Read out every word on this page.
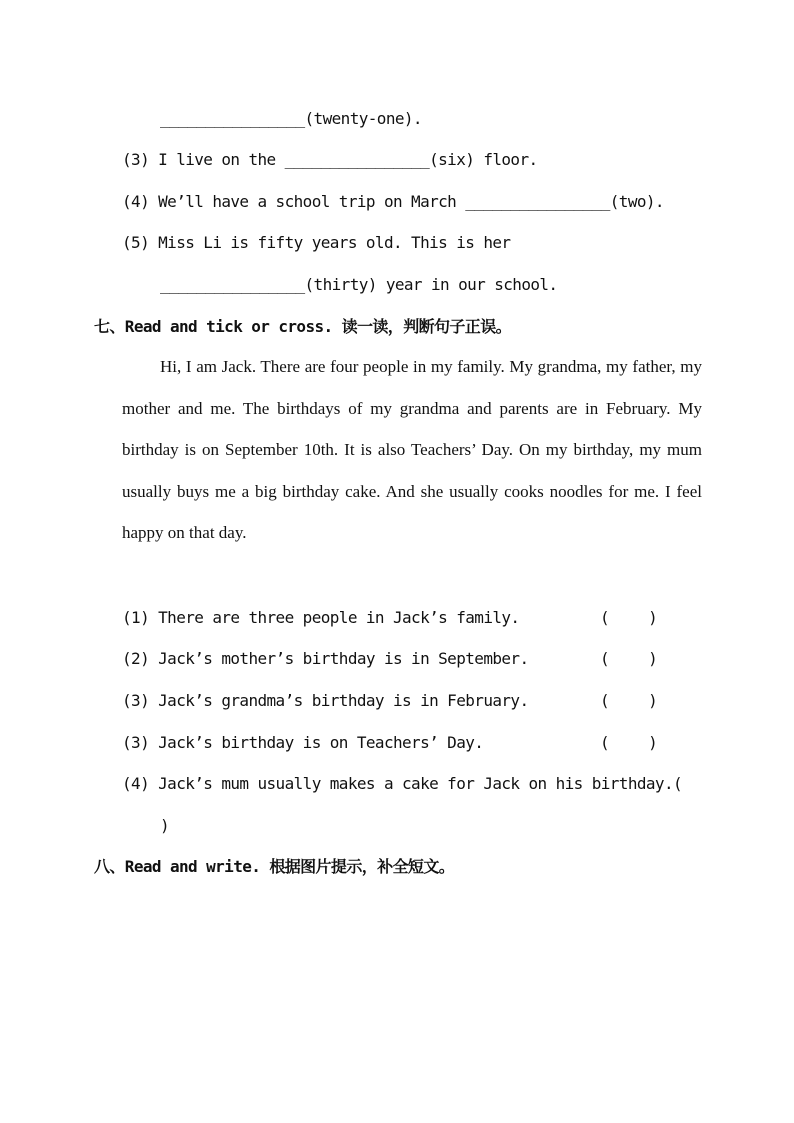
________________(twenty-one).
(3) I live on the ________________(six) floor.
(4) We’ll have a school trip on March ________________(two).
(5) Miss Li is fifty years old. This is her
________________(thirty) year in our school.
七、Read and tick or cross. 读一读，判断句子正误。

Hi, I am Jack. There are four people in my family. My grandma, my father, my mother and me. The birthdays of my grandma and parents are in February. My birthday is on September 10th. It is also Teachers’ Day. On my birthday, my mum usually buys me a big birthday cake. And she usually cooks noodles for me. I feel happy on that day.

(1) There are three people in Jack’s family.	(    )
(2) Jack’s mother’s birthday is in September.	(    )
(3) Jack’s grandma’s birthday is in February.	(    )
(3) Jack’s birthday is on Teachers’ Day.	(    )
(4) Jack’s mum usually makes a cake for Jack on his birthday.(
)
八、Read and write. 根据图片提示，补全短文。
